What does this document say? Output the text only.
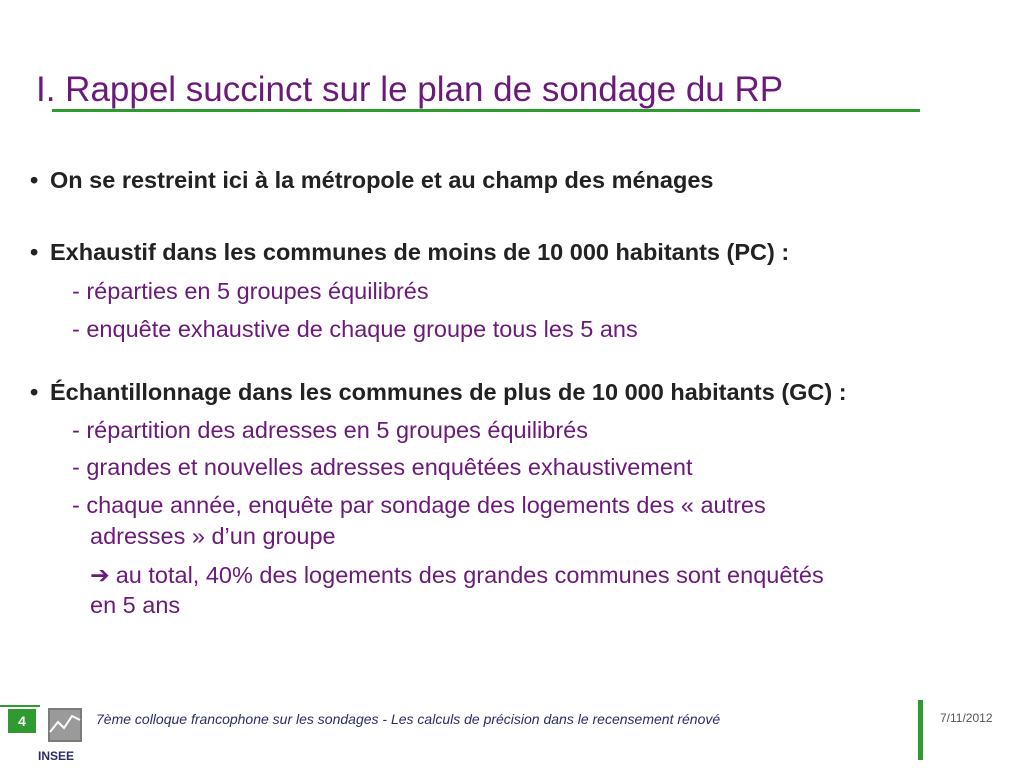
I. Rappel succinct sur le plan de sondage du RP
• On se restreint ici à la métropole et au champ des ménages
• Exhaustif dans les communes de moins de 10 000 habitants (PC) :
- réparties en 5 groupes équilibrés
- enquête exhaustive de chaque groupe tous les 5 ans
• Échantillonnage dans les communes de plus de 10 000 habitants (GC) :
- répartition des adresses en 5 groupes équilibrés
- grandes et nouvelles adresses enquêtées exhaustivement
- chaque année, enquête par sondage des logements des « autres
adresses » d’un groupe
➔ au total, 40% des logements des grandes communes sont enquêtés
en 5 ans
4
INSEE
7ème colloque francophone sur les sondages - Les calculs de précision dans le recensement rénové	7/11/2012
